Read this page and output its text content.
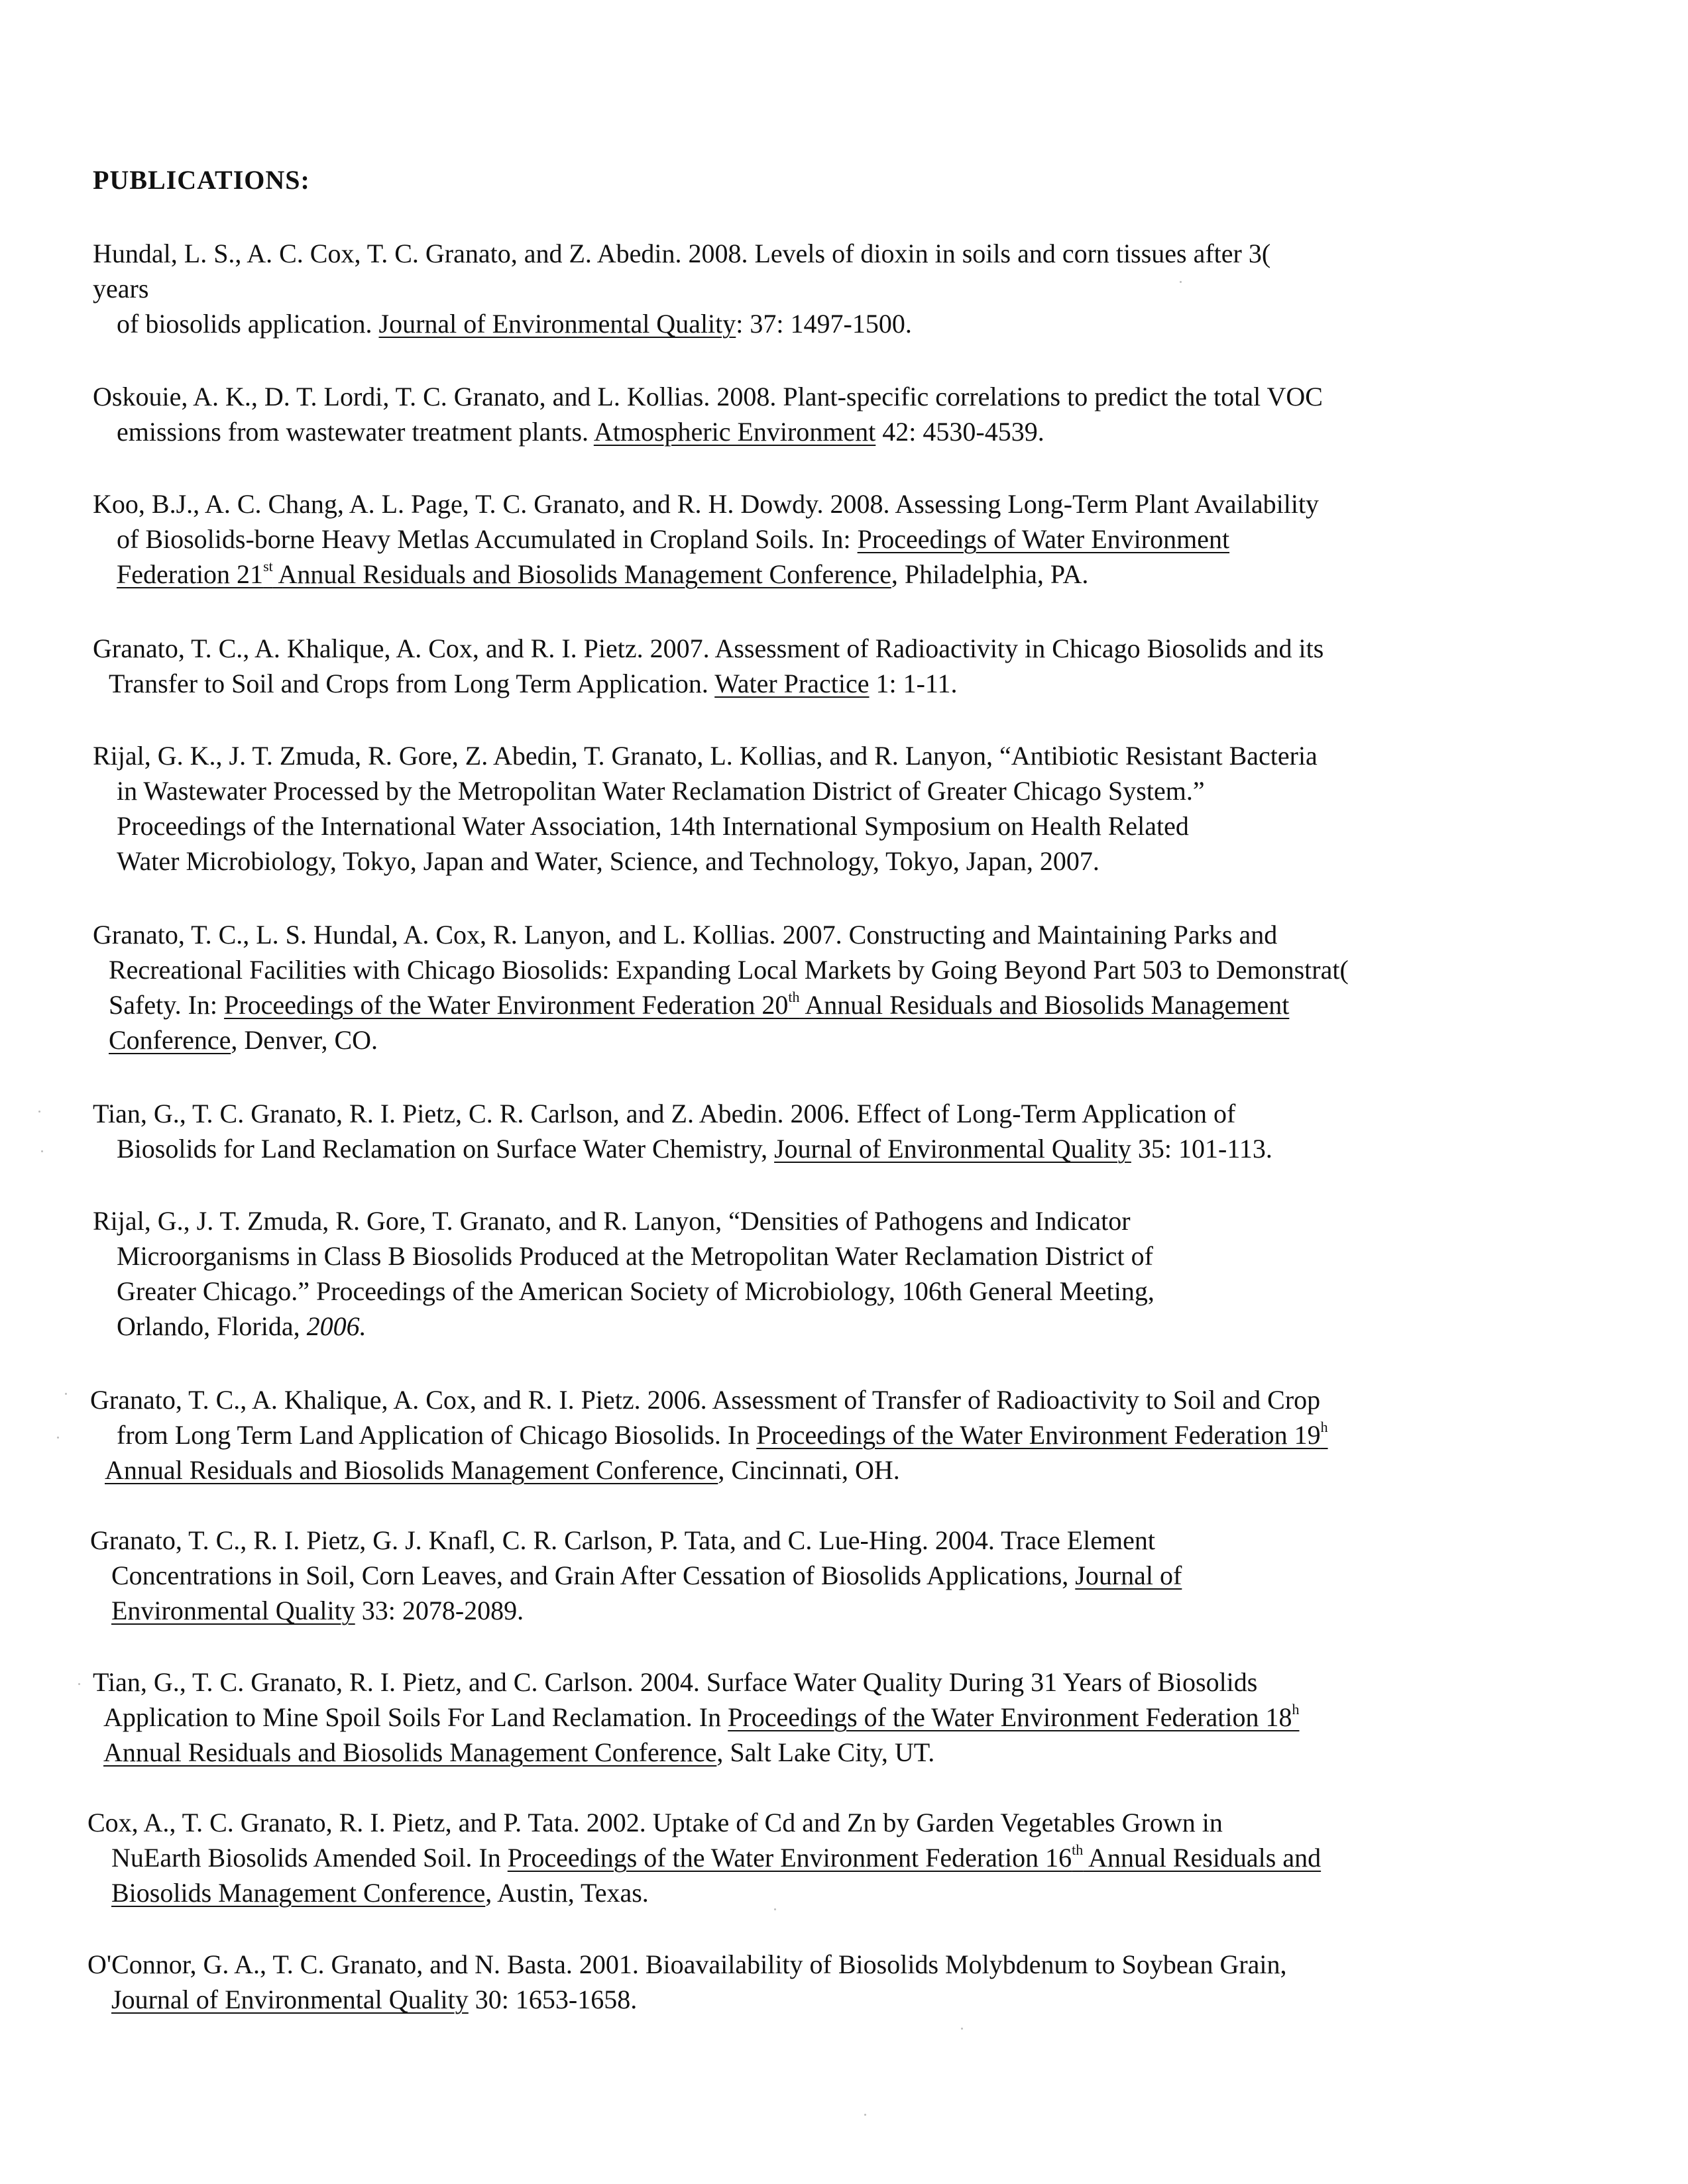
PUBLICATIONS:
Hundal, L. S., A. C. Cox, T. C. Granato, and Z. Abedin. 2008. Levels of dioxin in soils and corn tissues after 3(
years
of biosolids application. Journal of Environmental Quality: 37: 1497-1500.
Oskouie, A. K., D. T. Lordi, T. C. Granato, and L. Kollias. 2008. Plant-specific correlations to predict the total VOC
emissions from wastewater treatment plants. Atmospheric Environment 42: 4530-4539.
Koo, B.J., A. C. Chang, A. L. Page, T. C. Granato, and R. H. Dowdy. 2008. Assessing Long-Term Plant Availability
of Biosolids-borne Heavy Metlas Accumulated in Cropland Soils. In: Proceedings of Water Environment
Federation 21st Annual Residuals and Biosolids Management Conference, Philadelphia, PA.
Granato, T. C., A. Khalique, A. Cox, and R. I. Pietz. 2007. Assessment of Radioactivity in Chicago Biosolids and its
Transfer to Soil and Crops from Long Term Application. Water Practice 1: 1-11.
Rijal, G. K., J. T. Zmuda, R. Gore, Z. Abedin, T. Granato, L. Kollias, and R. Lanyon, “Antibiotic Resistant Bacteria
in Wastewater Processed by the Metropolitan Water Reclamation District of Greater Chicago System.”
Proceedings of the International Water Association, 14th International Symposium on Health Related
Water Microbiology, Tokyo, Japan and Water, Science, and Technology, Tokyo, Japan, 2007.
Granato, T. C., L. S. Hundal, A. Cox, R. Lanyon, and L. Kollias. 2007. Constructing and Maintaining Parks and
Recreational Facilities with Chicago Biosolids: Expanding Local Markets by Going Beyond Part 503 to Demonstrat(
Safety. In: Proceedings of the Water Environment Federation 20th Annual Residuals and Biosolids Management
Conference, Denver, CO.
Tian, G., T. C. Granato, R. I. Pietz, C. R. Carlson, and Z. Abedin. 2006. Effect of Long-Term Application of
Biosolids for Land Reclamation on Surface Water Chemistry, Journal of Environmental Quality 35: 101-113.
Rijal, G., J. T. Zmuda, R. Gore, T. Granato, and R. Lanyon, “Densities of Pathogens and Indicator
Microorganisms in Class B Biosolids Produced at the Metropolitan Water Reclamation District of
Greater Chicago.” Proceedings of the American Society of Microbiology, 106th General Meeting,
Orlando, Florida, 2006.
Granato, T. C., A. Khalique, A. Cox, and R. I. Pietz. 2006. Assessment of Transfer of Radioactivity to Soil and Crop
from Long Term Land Application of Chicago Biosolids. In Proceedings of the Water Environment Federation 19$^h$
Annual Residuals and Biosolids Management Conference, Cincinnati, OH.
Granato, T. C., R. I. Pietz, G. J. Knafl, C. R. Carlson, P. Tata, and C. Lue-Hing. 2004. Trace Element
Concentrations in Soil, Corn Leaves, and Grain After Cessation of Biosolids Applications, Journal of
Environmental Quality 33: 2078-2089.
Tian, G., T. C. Granato, R. I. Pietz, and C. Carlson. 2004. Surface Water Quality During 31 Years of Biosolids
Application to Mine Spoil Soils For Land Reclamation. In Proceedings of the Water Environment Federation 18$^h$
Annual Residuals and Biosolids Management Conference, Salt Lake City, UT.
Cox, A., T. C. Granato, R. I. Pietz, and P. Tata. 2002. Uptake of Cd and Zn by Garden Vegetables Grown in
NuEarth Biosolids Amended Soil. In Proceedings of the Water Environment Federation 16th Annual Residuals and
Biosolids Management Conference, Austin, Texas.
O'Connor, G. A., T. C. Granato, and N. Basta. 2001. Bioavailability of Biosolids Molybdenum to Soybean Grain,
Journal of Environmental Quality 30: 1653-1658.
